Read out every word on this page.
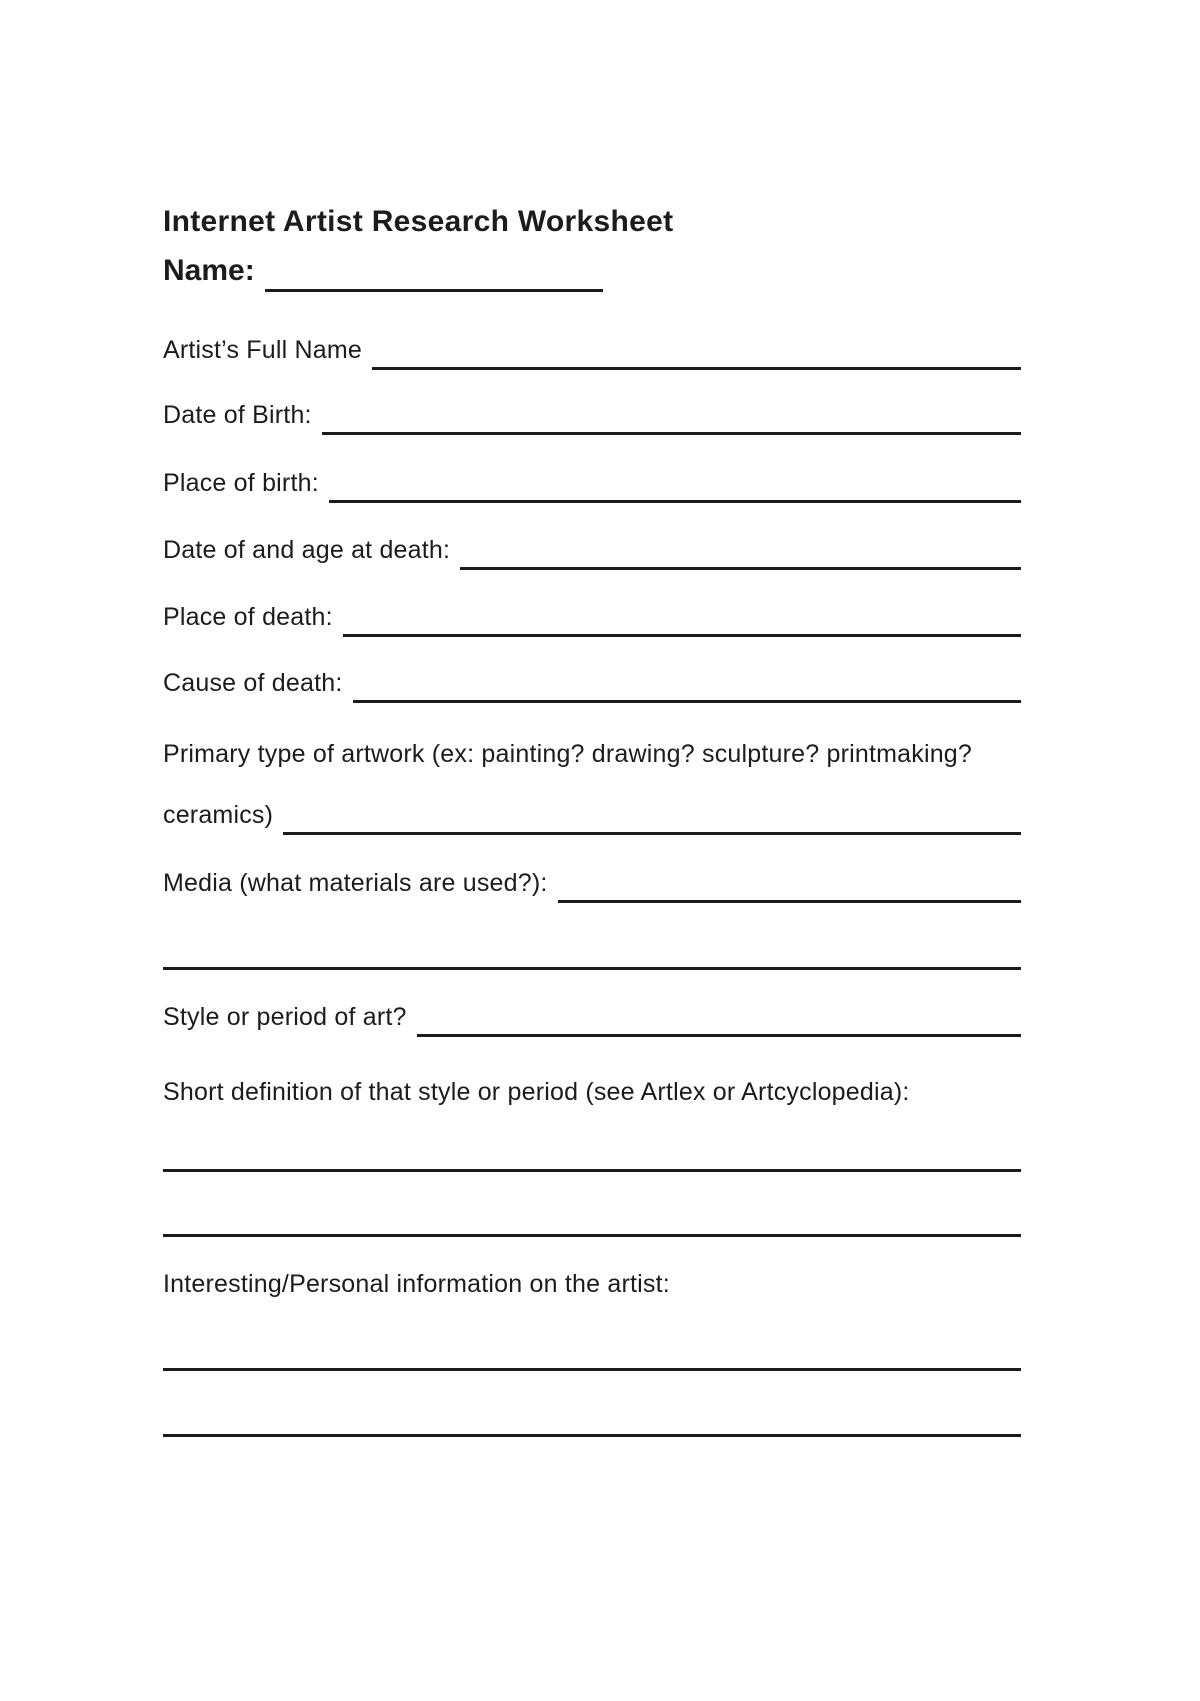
Internet Artist Research Worksheet
Name:
Artist’s Full Name
Date of Birth:
Place of birth:
Date of and age at death:
Place of death:
Cause of death:
Primary type of artwork (ex: painting? drawing? sculpture? printmaking?
ceramics)
Media (what materials are used?):
Style or period of art?
Short definition of that style or period (see Artlex or Artcyclopedia):
Interesting/Personal information on the artist:
